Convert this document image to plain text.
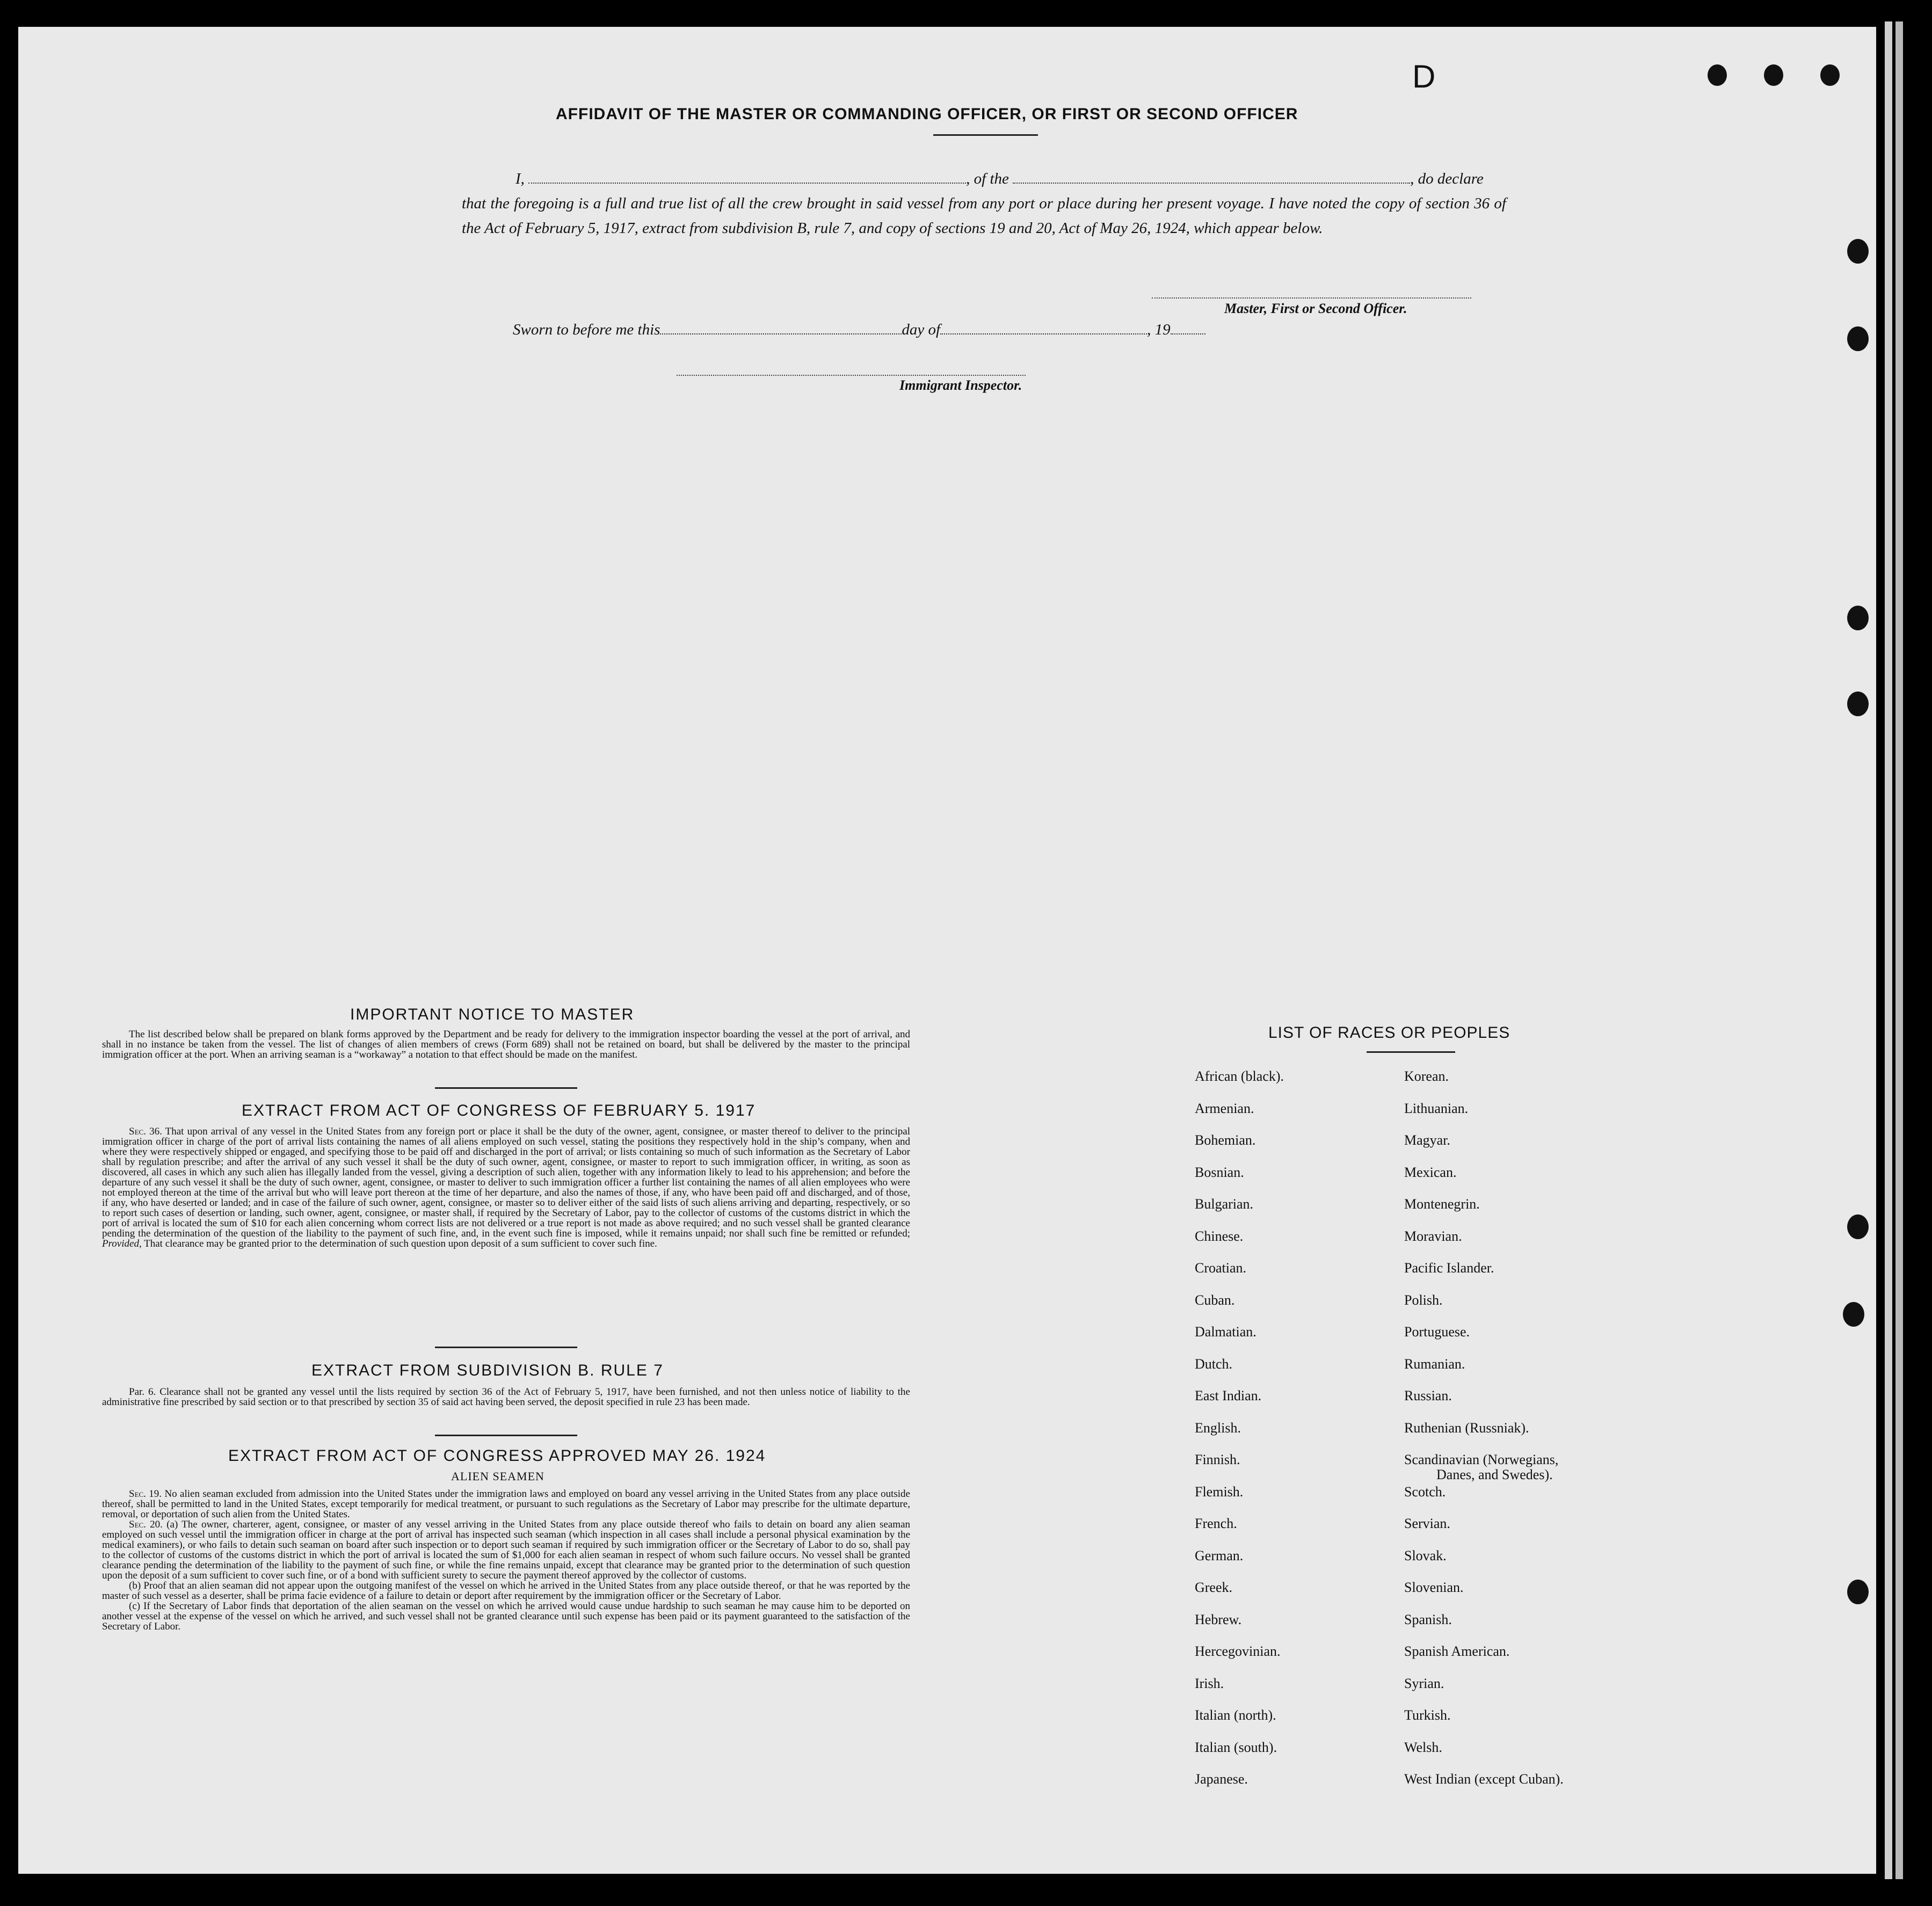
D
AFFIDAVIT OF THE MASTER OR COMMANDING OFFICER, OR FIRST OR SECOND OFFICER
I,	, of the	, do declare
that the foregoing is a full and true list of all the crew brought in said vessel from any port or place during her present voyage. I have noted the copy of section 36 of the Act of February 5, 1917, extract from subdivision B, rule 7, and copy of sections 19 and 20, Act of May 26, 1924, which appear below.
Master, First or Second Officer.
Sworn to before me this	day of	, 19
Immigrant Inspector.
IMPORTANT NOTICE TO MASTER

The list described below shall be prepared on blank forms approved by the Department and be ready for delivery to the immigration inspector boarding the vessel at the port of arrival, and shall in no instance be taken from the vessel. The list of changes of alien members of crews (Form 689) shall not be retained on board, but shall be delivered by the master to the principal immigration officer at the port. When an arriving seaman is a “workaway” a notation to that effect should be made on the manifest.

EXTRACT FROM ACT OF CONGRESS OF FEBRUARY 5. 1917

Sec. 36. That upon arrival of any vessel in the United States from any foreign port or place it shall be the duty of the owner, agent, consignee, or master thereof to deliver to the principal immigration officer in charge of the port of arrival lists containing the names of all aliens employed on such vessel, stating the positions they respectively hold in the ship’s company, when and where they were respectively shipped or engaged, and specifying those to be paid off and discharged in the port of arrival; or lists containing so much of such information as the Secretary of Labor shall by regulation prescribe; and after the arrival of any such vessel it shall be the duty of such owner, agent, consignee, or master to report to such immigration officer, in writing, as soon as discovered, all cases in which any such alien has illegally landed from the vessel, giving a description of such alien, together with any information likely to lead to his apprehension; and before the departure of any such vessel it shall be the duty of such owner, agent, consignee, or master to deliver to such immigration officer a further list containing the names of all alien employees who were not employed thereon at the time of the arrival but who will leave port thereon at the time of her departure, and also the names of those, if any, who have been paid off and discharged, and of those, if any, who have deserted or landed; and in case of the failure of such owner, agent, consignee, or master so to deliver either of the said lists of such aliens arriving and departing, respectively, or so to report such cases of desertion or landing, such owner, agent, consignee, or master shall, if required by the Secretary of Labor, pay to the collector of customs of the customs district in which the port of arrival is located the sum of $10 for each alien concerning whom correct lists are not delivered or a true report is not made as above required; and no such vessel shall be granted clearance pending the determination of the question of the liability to the payment of such fine, and, in the event such fine is imposed, while it remains unpaid; nor shall such fine be remitted or refunded; Provided, That clearance may be granted prior to the determination of such question upon deposit of a sum sufficient to cover such fine.

EXTRACT FROM SUBDIVISION B. RULE 7

Par. 6. Clearance shall not be granted any vessel until the lists required by section 36 of the Act of February 5, 1917, have been furnished, and not then unless notice of liability to the administrative fine prescribed by said section or to that prescribed by section 35 of said act having been served, the deposit specified in rule 23 has been made.

EXTRACT FROM ACT OF CONGRESS APPROVED MAY 26. 1924
ALIEN SEAMEN

Sec. 19. No alien seaman excluded from admission into the United States under the immigration laws and employed on board any vessel arriving in the United States from any place outside thereof, shall be permitted to land in the United States, except temporarily for medical treatment, or pursuant to such regulations as the Secretary of Labor may prescribe for the ultimate departure, removal, or deportation of such alien from the United States.

Sec. 20. (a) The owner, charterer, agent, consignee, or master of any vessel arriving in the United States from any place outside thereof who fails to detain on board any alien seaman employed on such vessel until the immigration officer in charge at the port of arrival has inspected such seaman (which inspection in all cases shall include a personal physical examination by the medical examiners), or who fails to detain such seaman on board after such inspection or to deport such seaman if required by such immigration officer or the Secretary of Labor to do so, shall pay to the collector of customs of the customs district in which the port of arrival is located the sum of $1,000 for each alien seaman in respect of whom such failure occurs. No vessel shall be granted clearance pending the determination of the liability to the payment of such fine, or while the fine remains unpaid, except that clearance may be granted prior to the determination of such question upon the deposit of a sum sufficient to cover such fine, or of a bond with sufficient surety to secure the payment thereof approved by the collector of customs.

(b) Proof that an alien seaman did not appear upon the outgoing manifest of the vessel on which he arrived in the United States from any place outside thereof, or that he was reported by the master of such vessel as a deserter, shall be prima facie evidence of a failure to detain or deport after requirement by the immigration officer or the Secretary of Labor.

(c) If the Secretary of Labor finds that deportation of the alien seaman on the vessel on which he arrived would cause undue hardship to such seaman he may cause him to be deported on another vessel at the expense of the vessel on which he arrived, and such vessel shall not be granted clearance until such expense has been paid or its payment guaranteed to the satisfaction of the Secretary of Labor.

LIST OF RACES OR PEOPLES
African (black).
Armenian.
Bohemian.
Bosnian.
Bulgarian.
Chinese.
Croatian.
Cuban.
Dalmatian.
Dutch.
East Indian.
English.
Finnish.
Flemish.
French.
German.
Greek.
Hebrew.
Hercegovinian.
Irish.
Italian (north).
Italian (south).
Japanese.
Korean.
Lithuanian.
Magyar.
Mexican.
Montenegrin.
Moravian.
Pacific Islander.
Polish.
Portuguese.
Rumanian.
Russian.
Ruthenian (Russniak).
Scandinavian (Norwegians,
Danes, and Swedes).
Scotch.
Servian.
Slovak.
Slovenian.
Spanish.
Spanish American.
Syrian.
Turkish.
Welsh.
West Indian (except Cuban).
